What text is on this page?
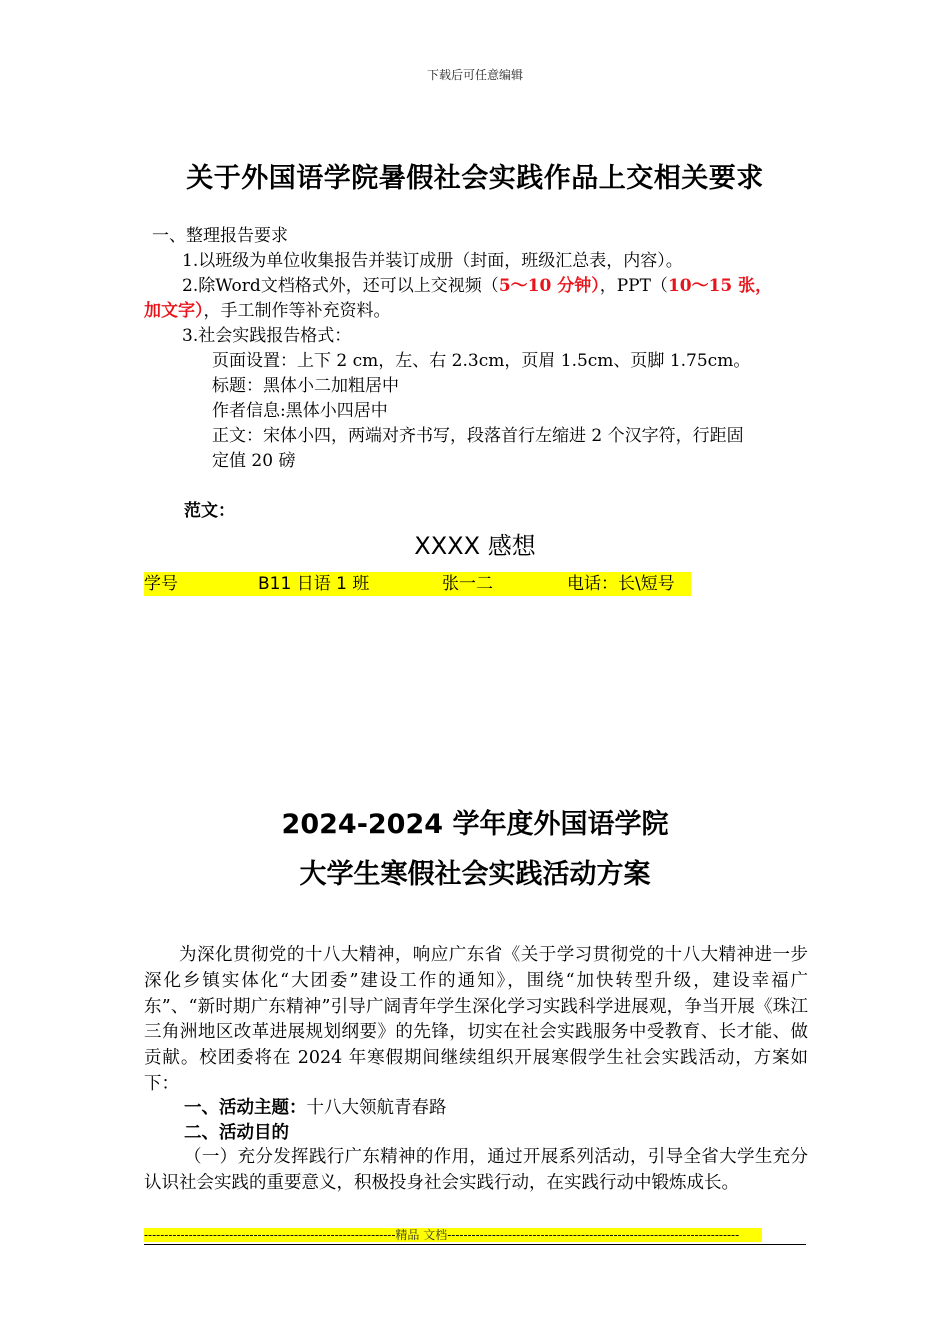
下载后可任意编辑
关于外国语学院暑假社会实践作品上交相关要求
一、整理报告要求
1.以班级为单位收集报告并装订成册（封面，班级汇总表，内容）。
2.除Word文档格式外，还可以上交视频（5～10 分钟），PPT（10～15 张，
加文字），手工制作等补充资料。
3.社会实践报告格式：
页面设置：上下 2 cm，左、右 2.3cm，页眉 1.5cm、页脚 1.75cm。
标题：黑体小二加粗居中
作者信息:黑体小四居中
正文：宋体小四，两端对齐书写，段落首行左缩进 2 个汉字符，行距固
定值 20 磅
范文：
XXXX 感想
学号	B11 日语 1 班	张一二	电话：长\短号
2024-2024 学年度外国语学院
大学生寒假社会实践活动方案
为深化贯彻党的十八大精神，响应广东省《关于学习贯彻党的十八大精神进一步深化乡镇实体化“大团委”建设工作的通知》，围绕“加快转型升级，建设幸福广东”、“新时期广东精神”引导广阔青年学生深化学习实践科学进展观，争当开展《珠江三角洲地区改革进展规划纲要》的先锋，切实在社会实践服务中受教育、长才能、做贡献。校团委将在 2024 年寒假期间继续组织开展寒假学生社会实践活动，方案如下：
一、活动主题：十八大领航青春路
二、活动目的
（一）充分发挥践行广东精神的作用，通过开展系列活动，引导全省大学生充分认识社会实践的重要意义，积极投身社会实践行动，在实践行动中锻炼成长。
--------------------------------------------------------------精品 文档------------------------------------------------------------------------
